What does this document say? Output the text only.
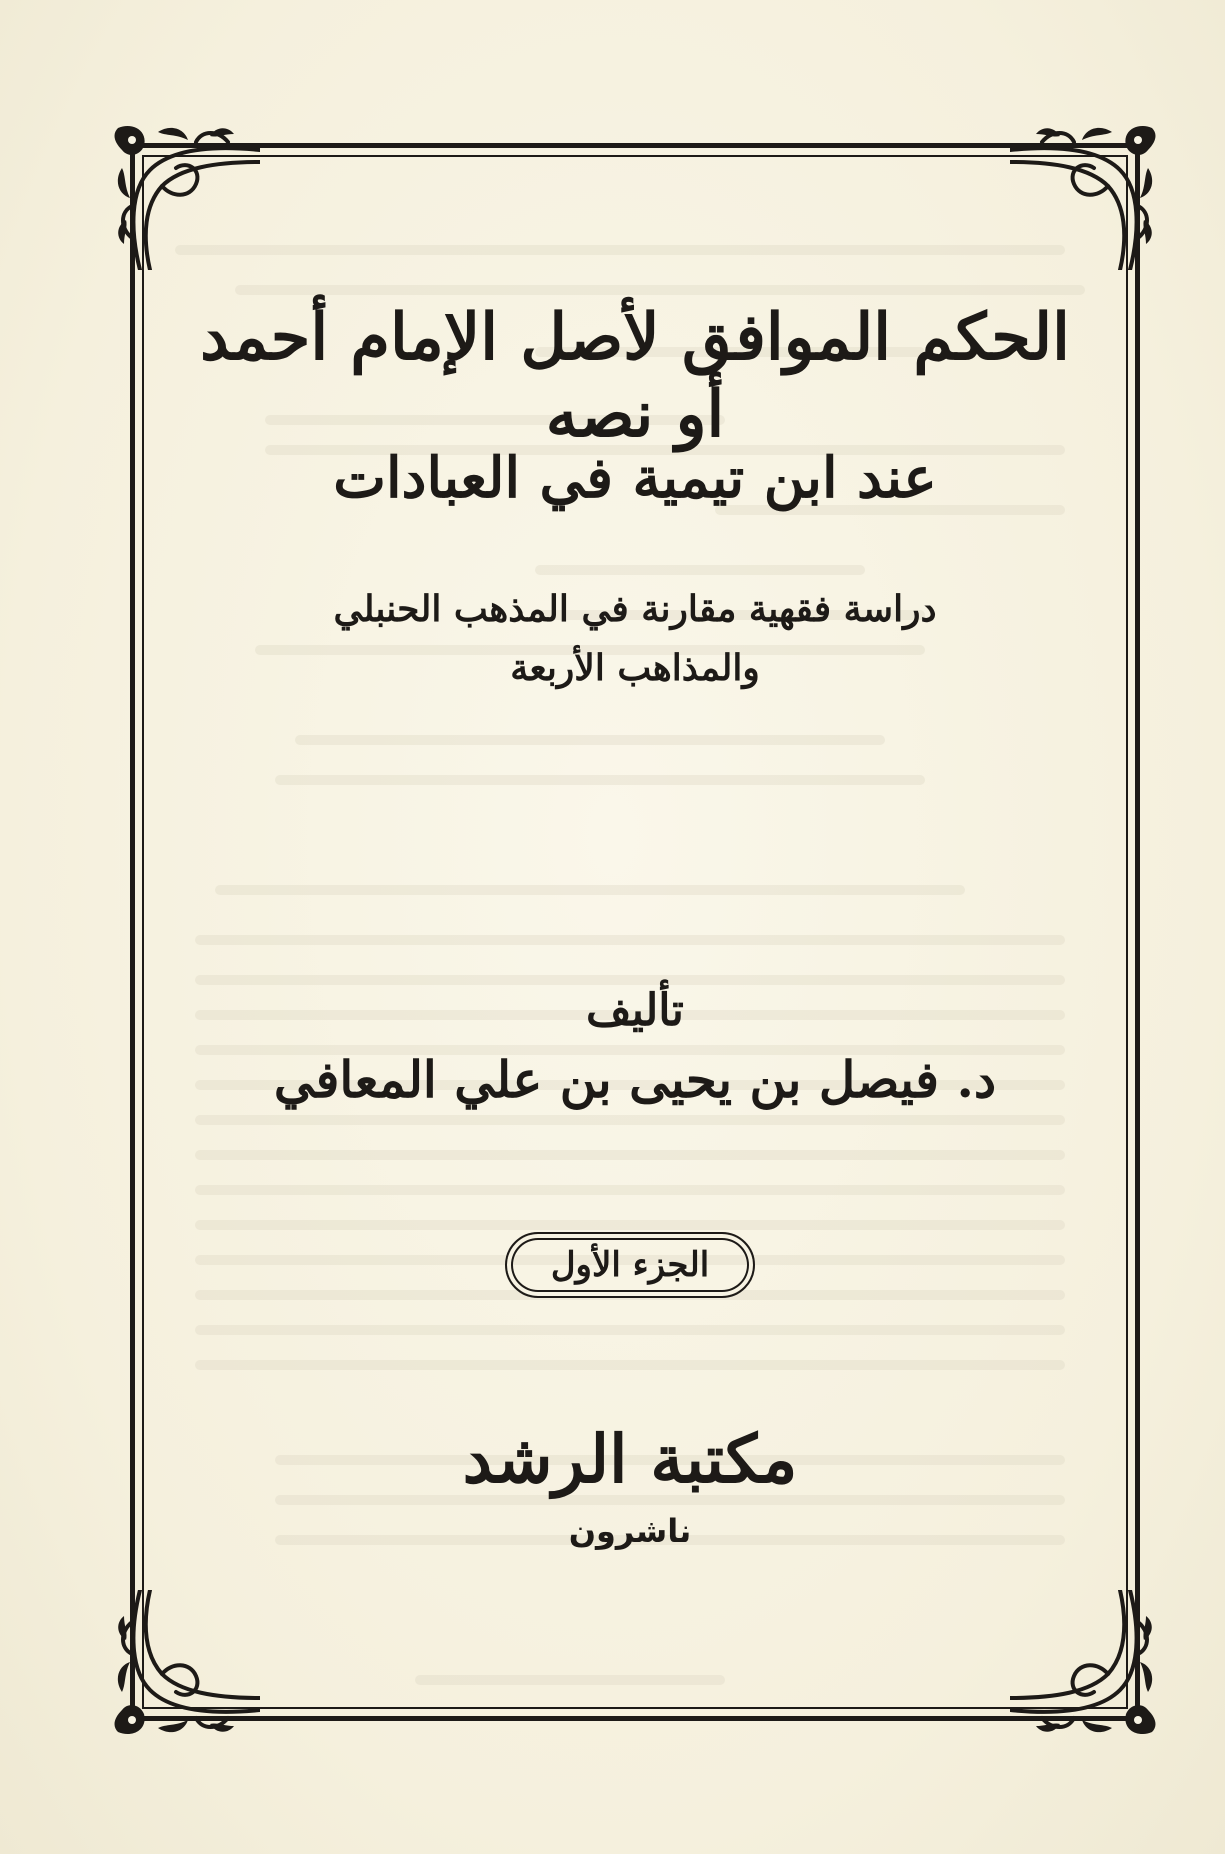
الحكم الموافق لأصل الإمام أحمد أو نصه
عند ابن تيمية في العبادات
دراسة فقهية مقارنة في المذهب الحنبلي
والمذاهب الأربعة
تأليف
د. فيصل بن يحيى بن علي المعافي
الجزء الأول
مكتبة الرشد
ناشرون
